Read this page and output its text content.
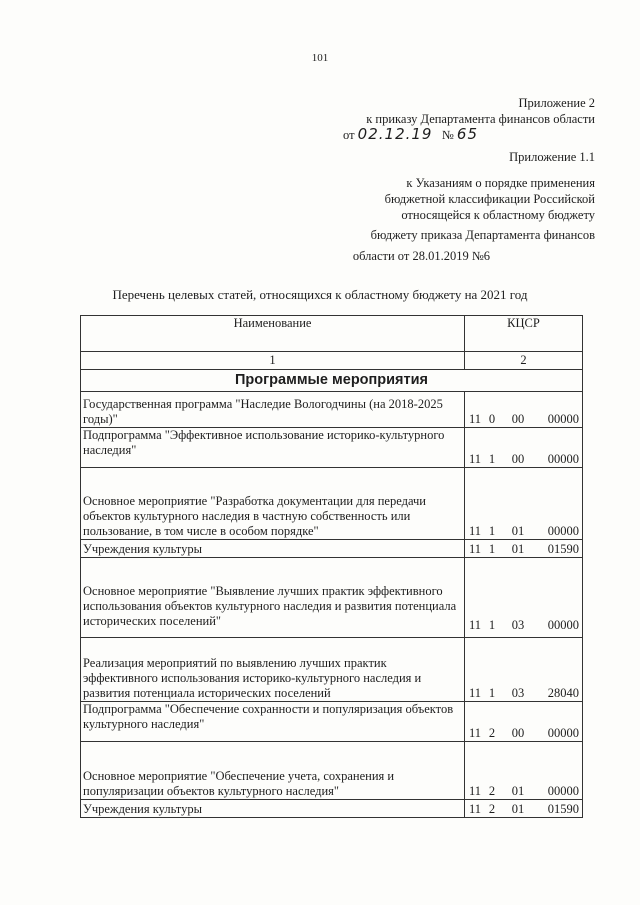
101
Приложение 2
к приказу Департамента финансов области
от 02.12.19 № 65
Приложение 1.1
к Указаниям о порядке применения
бюджетной классификации Российской
относящейся к областному бюджету
бюджету приказа Департамента финансов
области от 28.01.2019 №6
Перечень целевых статей, относящихся к областному бюджету на 2021 год
Наименование	КЦСР
1	2
Программые мероприятия	
Государственная программа "Наследие Вологодчины (на 2018-2025 годы)"	11 0 00 00000

Подпрограмма "Эффективное использование историко-культурного наследия"	11 1 00 00000

Основное мероприятие "Разработка документации для передачи объектов культурного наследия в частную собственность или пользование, в том числе в особом порядке"	11 1 01 00000

Учреждения культуры	11 1 01 01590

Основное мероприятие "Выявление лучших практик эффективного использования объектов культурного наследия и развития потенциала исторических поселений"	11 1 03 00000

Реализация мероприятий по выявлению лучших практик эффективного использования историко-культурного наследия и развития потенциала исторических поселений	11 1 03 28040

Подпрограмма "Обеспечение сохранности и популяризация объектов культурного наследия"	11 2 00 00000

Основное мероприятие "Обеспечение учета, сохранения и популяризации объектов культурного наследия"	11 2 01 00000

Учреждения культуры	11 2 01 01590
